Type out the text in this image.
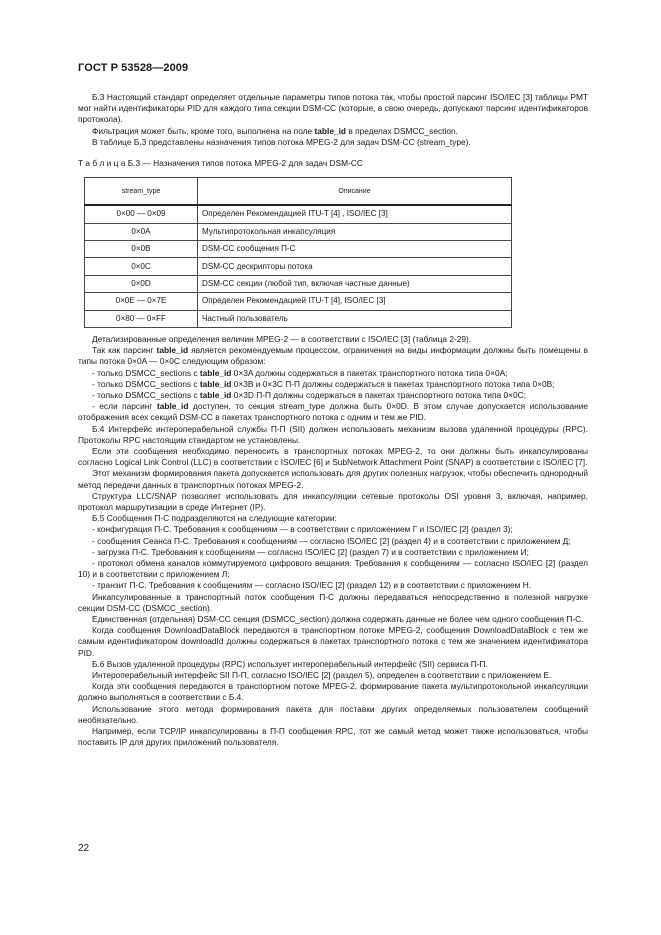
ГОСТ Р 53528—2009

Б.3 Настоящий стандарт определяет отдельные параметры типов потока так, чтобы простой парсинг ISO/IEC [3] таблицы PMT мог найти идентификаторы PID для каждого типа секции DSM-CC (которые, в свою очередь, допускают парсинг идентификаторов протокола).

Фильтрация может быть, кроме того, выполнена на поле table_id в пределах DSMCC_section.

В таблице Б.3 представлены назначения типов потока MPEG-2 для задач DSM-CC (stream_type).

Т а б л и ц а Б.3 — Назначения типов потока MPEG-2 для задач DSM-CC

stream_type	Описание
0×00 — 0×09	Определен Рекомендацией ITU-T [4] , ISO/IEC [3]
0×0A	Мультипротокольная инкапсуляция
0×0B	DSM-CC сообщения П-С
0×0C	DSM-CC дескрипторы потока
0×0D	DSM-CC секции (любой тип, включая частные данные)
0×0E — 0×7E	Определен Рекомендацией ITU-T [4], ISO/IEC [3]
0×80 — 0×FF	Частный пользователь

Детализированные определения величин MPEG-2 — в соответствии с ISO/IEC [3] (таблица 2-29).

Так как парсинг table_id является рекомендуемым процессом, ограничения на виды информации должны быть помещены в типы потока 0×0A — 0×0C следующим образом:

- только DSMCC_sections с table_id 0×3A должны содержаться в пакетах транспортного потока типа 0×0A;

- только DSMCC_sections с table_id 0×3B и 0×3C П-П должны содержаться в пакетах транспортного потока типа 0×0B;

- только DSMCC_sections с table_id 0×3D П-П должны содержаться в пакетах транспортного потока типа 0×0C;

- если парсинг table_id доступен, то секция stream_type должна быть 0×0D. В этом случае допускается использование отображения всех секций DSM-CC в пакетах транспортного потока с одним и тем же PID.

Б.4 Интерфейс интероперабельной службы П-П (SII) должен использовать механизм вызова удаленной процедуры (RPC). Протоколы RPC настоящим стандартом не установлены.

Если эти сообщения необходимо переносить в транспортных потоках MPEG-2, то они должны быть инкапсулированы согласно Logical Link Control (LLC) в соответствии с ISO/IEC [6] и SubNetwork Attachment Point (SNAP) в соответствии с ISO/IEC [7].

Этот механизм формирования пакета допускается использовать для других полезных нагрузок, чтобы обеспечить однородный метод передачи данных в транспортных потоках MPEG-2.

Структура LLC/SNAP позволяет использовать для инкапсуляции сетевые протоколы OSI уровня 3, включая, например, протокол маршрутизации в среде Интернет (IP).

Б.5 Сообщения П-С подразделяются на следующие категории:

- конфигурация П-С. Требования к сообщениям — в соответствии с приложением Г и ISO/IEC [2] (раздел 3);

- сообщения Сеанса П-С. Требования к сообщениям — согласно ISO/IEC [2] (раздел 4) и в соответствии с приложением Д;

- загрузка П-С. Требования к сообщениям — согласно ISO/IEC [2] (раздел 7) и в соответствии с приложением И;

- протокол обмена каналов коммутируемого цифрового вещания. Требования к сообщениям — согласно ISO/IEC [2] (раздел 10) и в соответствии с приложением Л;

- транзит П-С. Требования к сообщениям — согласно ISO/IEC [2] (раздел 12) и в соответствии с приложением Н.

Инкапсулированные в транспортный поток сообщения П-С должны передаваться непосредственно в полезной нагрузке секции DSM-CC (DSMCC_section).

Единственная (отдельная) DSM-CC секция (DSMCC_section) должна содержать данные не более чем одного сообщения П-С.

Когда сообщения DownloadDataBlock передаются в транспортном потоке MPEG-2, сообщения DownloadDataBlock с тем же самым идентификатором downloadId должны содержаться в пакетах транспортного потока с тем же значением идентификатора PID.

Б.6 Вызов удаленной процедуры (RPC) использует интероперабельный интерфейс (SII) сервиса П-П.

Интероперабельный интерфейс SII П-П, согласно ISO/IEC [2] (раздел 5), определен в соответствии с приложением Е.

Когда эти сообщения передаются в транспортном потоке MPEG-2, формирование пакета мультипротокольной инкапсуляции должно выполняться в соответствии с Б.4.

Использование этого метода формирования пакета для поставки других определяемых пользователем сообщений необязательно.

Например, если TCP/IP инкапсулированы в П-П сообщения RPC, тот же самый метод может также использоваться, чтобы поставить IP для других приложений пользователя.

22
